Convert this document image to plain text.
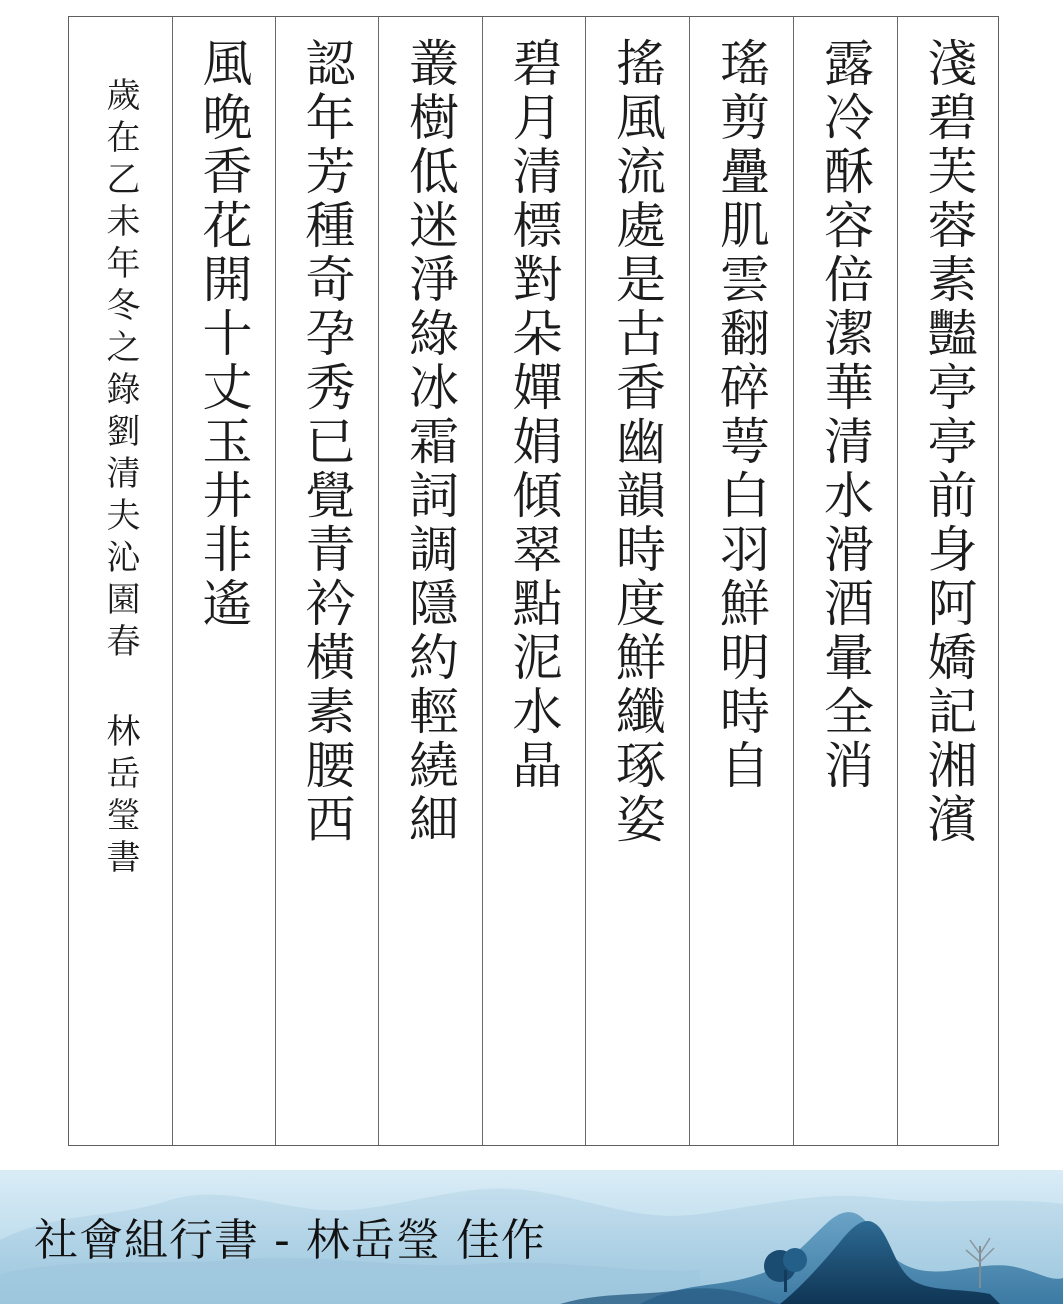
淺碧芙蓉素豔亭亭前身阿嬌記湘濱
露冷酥容倍潔華清水滑酒暈全消
瑤剪疊肌雲翻碎萼白羽鮮明時自
搖風流處是古香幽韻時度鮮纖琢姿
碧月清標對朵嬋娟傾翠點泥水晶
叢樹低迷淨綠冰霜詞調隱約輕繞細
認年芳種奇孕秀已覺青衿橫素腰西
風晚香花開十丈玉井非遙
歲在乙未年冬之錄劉清夫沁園春 林岳瑩書
社會組行書 - 林岳瑩 佳作
